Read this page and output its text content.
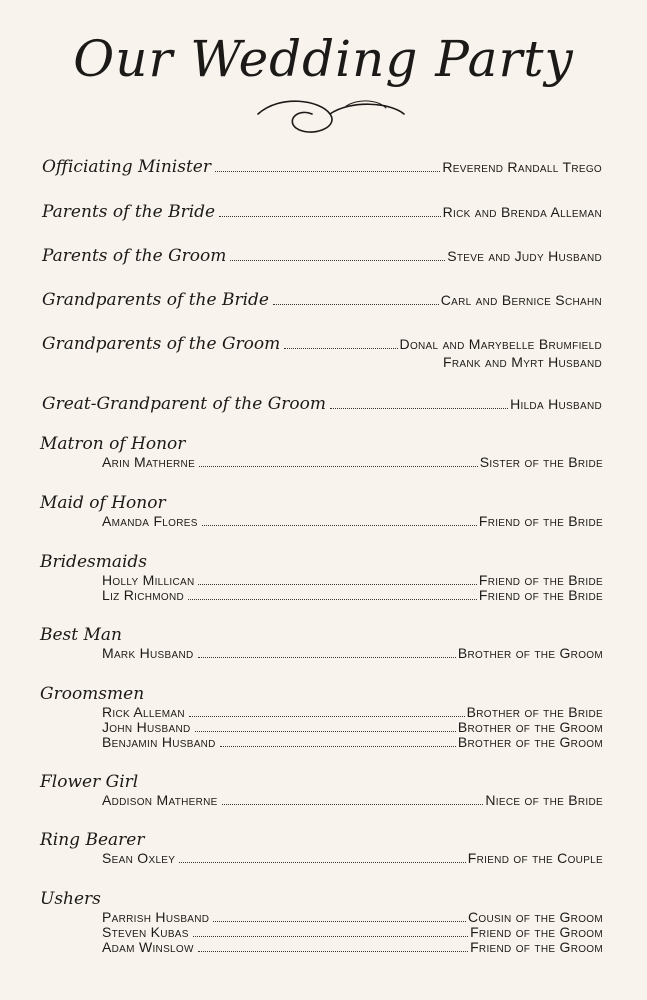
Our Wedding Party
Officiating Minister	Reverend Randall Trego
Parents of the Bride	Rick and Brenda Alleman
Parents of the Groom	Steve and Judy Husband
Grandparents of the Bride	Carl and Bernice Schahn
Grandparents of the Groom	Donal and Marybelle Brumfield
Frank and Myrt Husband
Great-Grandparent of the Groom	Hilda Husband
Matron of Honor
Arin Matherne	Sister of the Bride
Maid of Honor
Amanda Flores	Friend of the Bride
Bridesmaids
Holly Millican	Friend of the Bride
Liz Richmond	Friend of the Bride
Best Man
Mark Husband	Brother of the Groom
Groomsmen
Rick Alleman	Brother of the Bride
John Husband	Brother of the Groom
Benjamin Husband	Brother of the Groom
Flower Girl
Addison Matherne	Niece of the Bride
Ring Bearer
Sean Oxley	Friend of the Couple
Ushers
Parrish Husband	Cousin of the Groom
Steven Kubas	Friend of the Groom
Adam Winslow	Friend of the Groom
